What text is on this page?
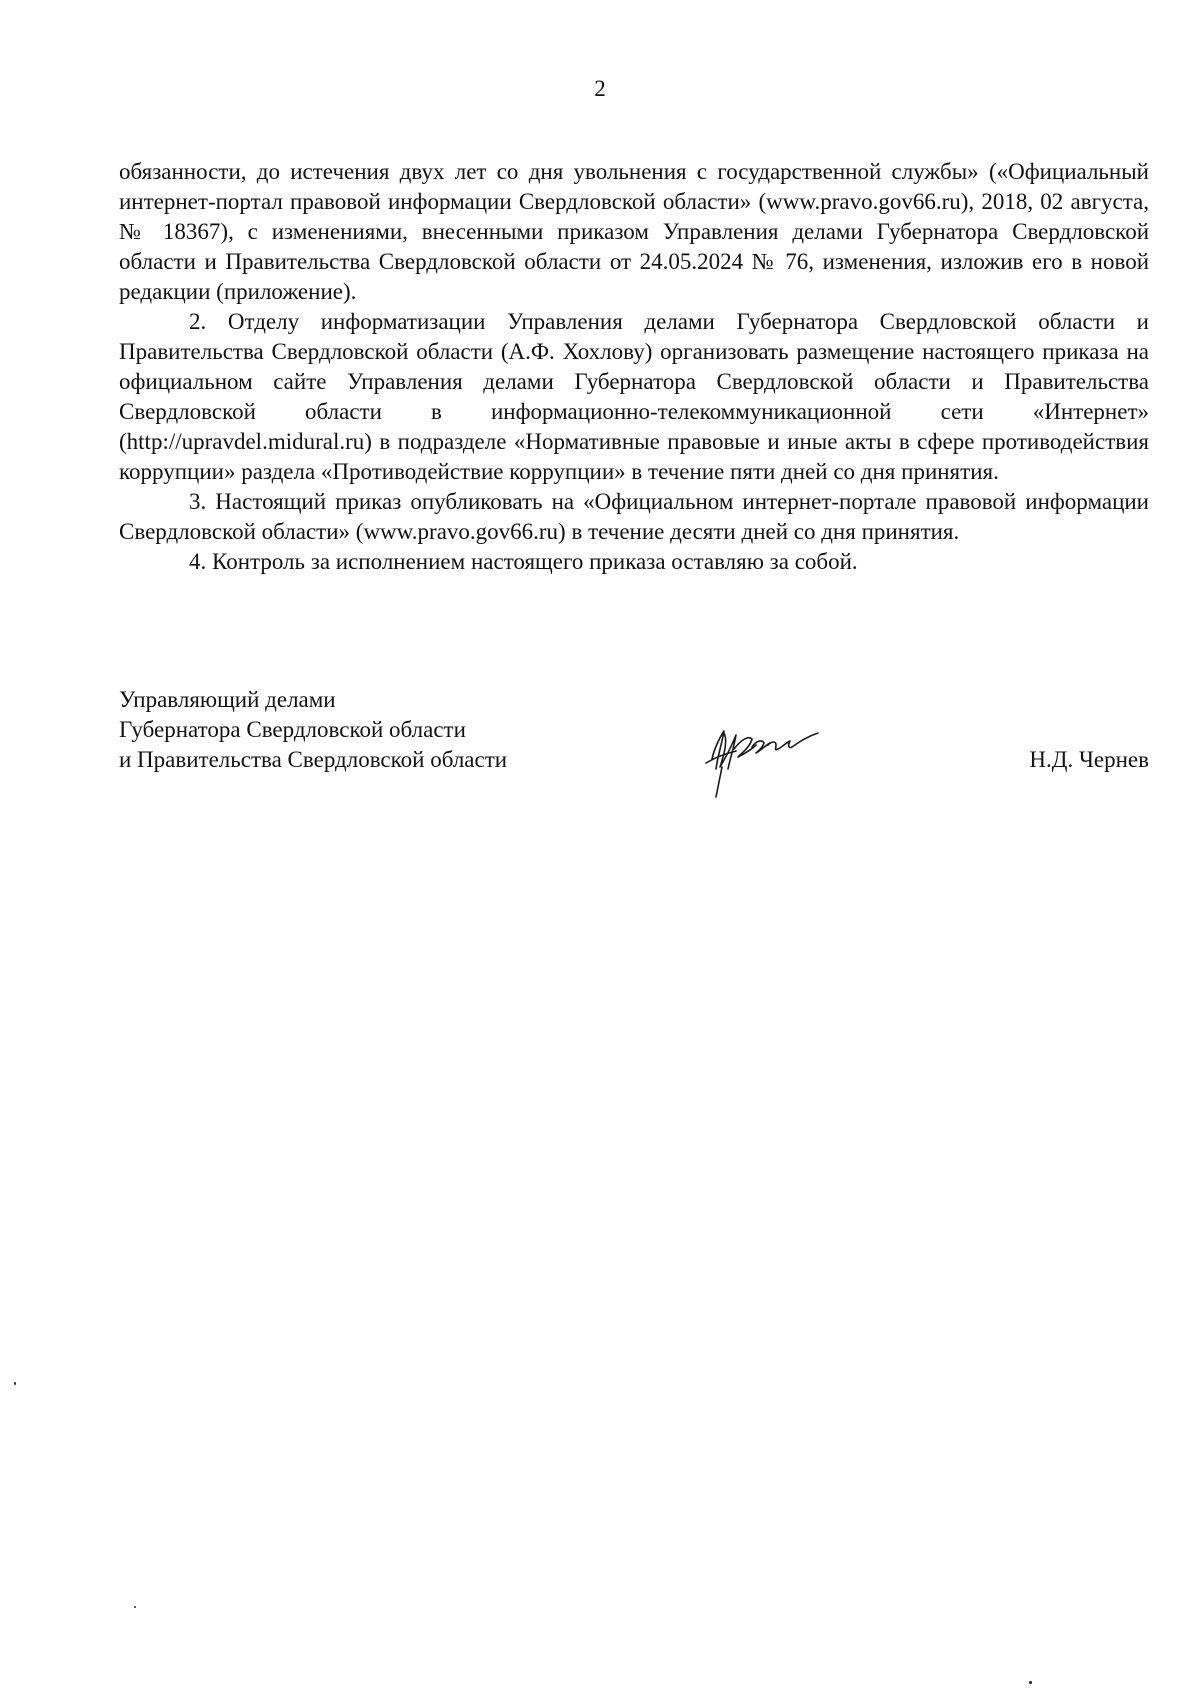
2

обязанности, до истечения двух лет со дня увольнения с государственной службы» («Официальный интернет-портал правовой информации Свердловской области» (www.pravo.gov66.ru), 2018, 02 августа, № 18367), с изменениями, внесенными приказом Управления делами Губернатора Свердловской области и Правительства Свердловской области от 24.05.2024 № 76, изменения, изложив его в новой редакции (приложение).

2. Отделу информатизации Управления делами Губернатора Свердловской области и Правительства Свердловской области (А.Ф. Хохлову) организовать размещение настоящего приказа на официальном сайте Управления делами Губернатора Свердловской области и Правительства Свердловской области в информационно-телекоммуникационной сети «Интернет» (http://upravdel.midural.ru) в подразделе «Нормативные правовые и иные акты в сфере противодействия коррупции» раздела «Противодействие коррупции» в течение пяти дней со дня принятия.

3. Настоящий приказ опубликовать на «Официальном интернет-портале правовой информации Свердловской области» (www.pravo.gov66.ru) в течение десяти дней со дня принятия.

4. Контроль за исполнением настоящего приказа оставляю за собой.

Управляющий делами
Губернатора Свердловской области
и Правительства Свердловской области	Н.Д. Чернев
